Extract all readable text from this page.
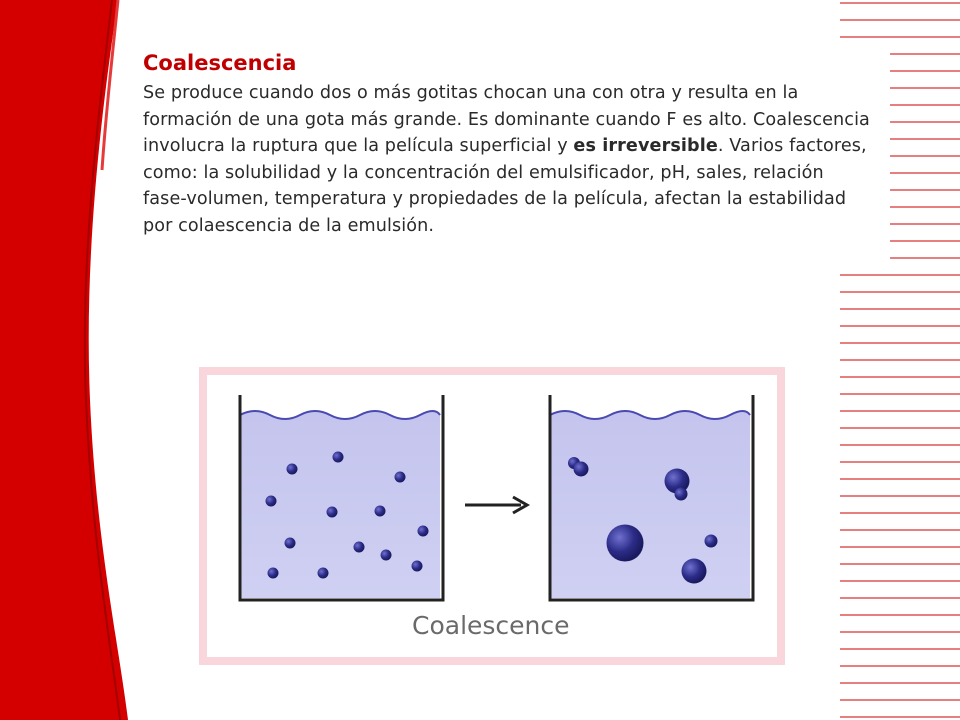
Coalescencia

Se produce cuando dos o más gotitas chocan una con otra y resulta en la formación de una gota más grande. Es dominante cuando F es alto. Coalescencia involucra la ruptura que la película superficial y es irreversible. Varios factores, como: la solubilidad y la concentración del emulsificador, pH, sales, relación fase-volumen, temperatura y propiedades de la película, afectan la estabilidad por colaescencia de la emulsión.

Coalescence
